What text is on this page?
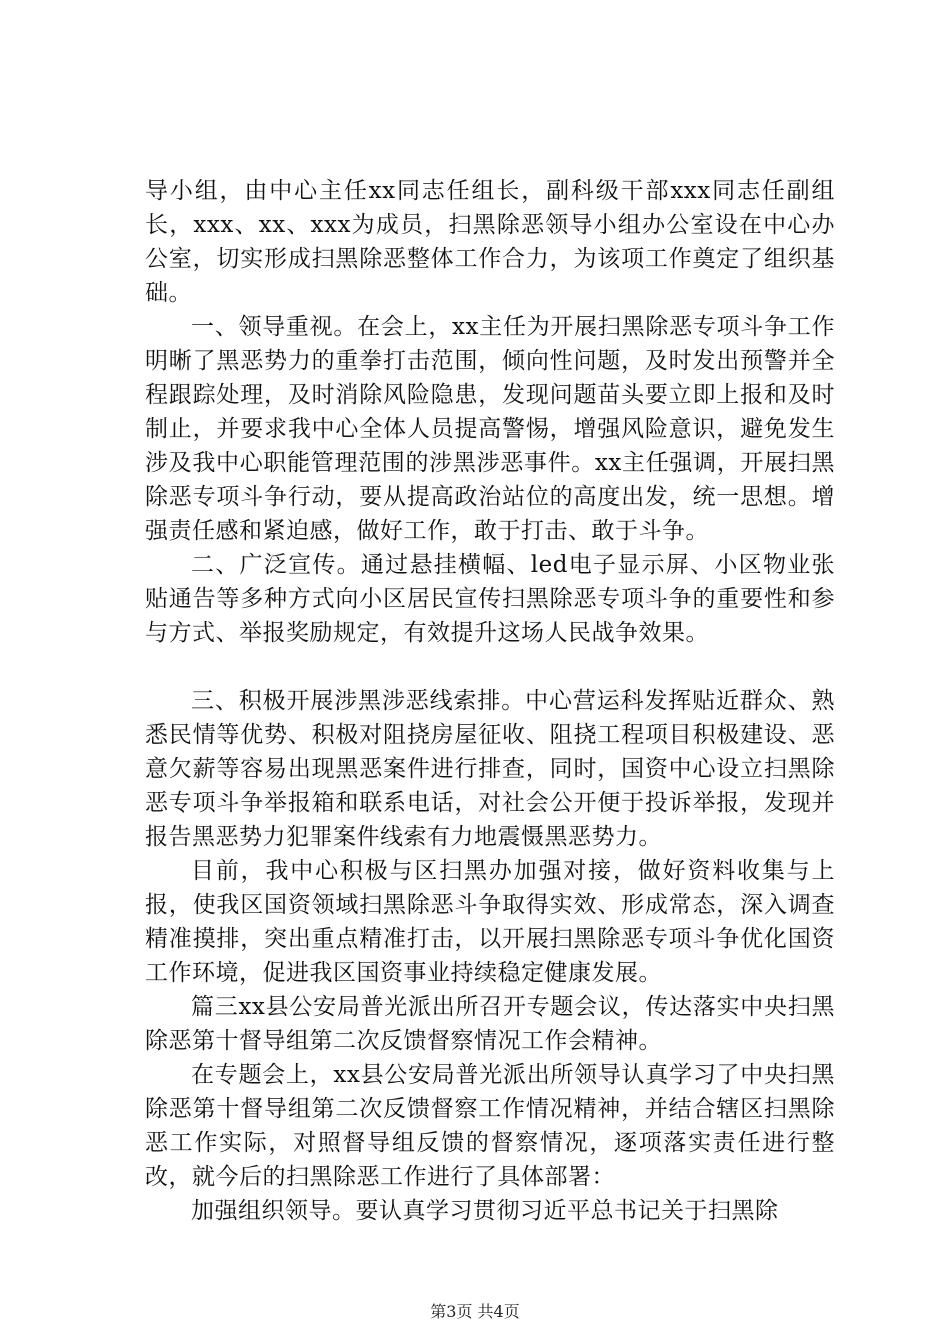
导小组，由中心主任xx同志任组长，副科级干部xxx同志任副组长，xxx、xx、xxx为成员，扫黑除恶领导小组办公室设在中心办公室，切实形成扫黑除恶整体工作合力，为该项工作奠定了组织基础。

一、领导重视。在会上，xx主任为开展扫黑除恶专项斗争工作明晰了黑恶势力的重拳打击范围，倾向性问题，及时发出预警并全程跟踪处理，及时消除风险隐患，发现问题苗头要立即上报和及时制止，并要求我中心全体人员提高警惕，增强风险意识，避免发生涉及我中心职能管理范围的涉黑涉恶事件。xx主任强调，开展扫黑除恶专项斗争行动，要从提高政治站位的高度出发，统一思想。增强责任感和紧迫感，做好工作，敢于打击、敢于斗争。

二、广泛宣传。通过悬挂横幅、led电子显示屏、小区物业张贴通告等多种方式向小区居民宣传扫黑除恶专项斗争的重要性和参与方式、举报奖励规定，有效提升这场人民战争效果。

三、积极开展涉黑涉恶线索排。中心营运科发挥贴近群众、熟悉民情等优势、积极对阻挠房屋征收、阻挠工程项目积极建设、恶意欠薪等容易出现黑恶案件进行排查，同时，国资中心设立扫黑除恶专项斗争举报箱和联系电话，对社会公开便于投诉举报，发现并报告黑恶势力犯罪案件线索有力地震慑黑恶势力。

目前，我中心积极与区扫黑办加强对接，做好资料收集与上报，使我区国资领域扫黑除恶斗争取得实效、形成常态，深入调查精准摸排，突出重点精准打击，以开展扫黑除恶专项斗争优化国资工作环境，促进我区国资事业持续稳定健康发展。

篇三xx县公安局普光派出所召开专题会议，传达落实中央扫黑除恶第十督导组第二次反馈督察情况工作会精神。

在专题会上，xx县公安局普光派出所领导认真学习了中央扫黑除恶第十督导组第二次反馈督察工作情况精神，并结合辖区扫黑除恶工作实际，对照督导组反馈的督察情况，逐项落实责任进行整改，就今后的扫黑除恶工作进行了具体部署：

加强组织领导。要认真学习贯彻习近平总书记关于扫黑除

第3页 共4页
